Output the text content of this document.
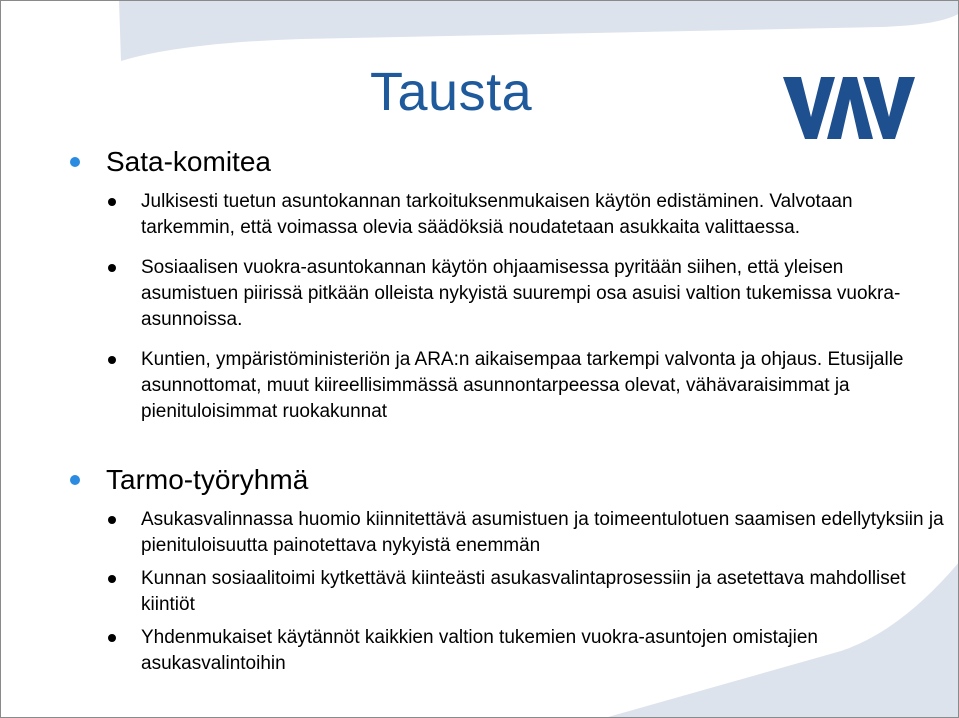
Tausta
Sata-komitea
Julkisesti tuetun asuntokannan tarkoituksenmukaisen käytön edistäminen. Valvotaan tarkemmin, että voimassa olevia säädöksiä noudatetaan asukkaita valittaessa.
Sosiaalisen vuokra-asuntokannan käytön ohjaamisessa pyritään siihen, että yleisen asumistuen piirissä pitkään olleista nykyistä suurempi osa asuisi valtion tukemissa vuokra-asunnoissa.
Kuntien, ympäristöministeriön ja ARA:n aikaisempaa tarkempi valvonta ja ohjaus. Etusijalle asunnottomat, muut kiireellisimmässä asunnontarpeessa olevat, vähävaraisimmat ja pienituloisimmat ruokakunnat
Tarmo-työryhmä
Asukasvalinnassa huomio kiinnitettävä asumistuen ja toimeentulotuen saamisen edellytyksiin ja pienituloisuutta painotettava nykyistä enemmän
Kunnan sosiaalitoimi kytkettävä kiinteästi asukasvalintaprosessiin ja asetettava mahdolliset kiintiöt
Yhdenmukaiset käytännöt kaikkien valtion tukemien vuokra-asuntojen omistajien asukasvalintoihin
